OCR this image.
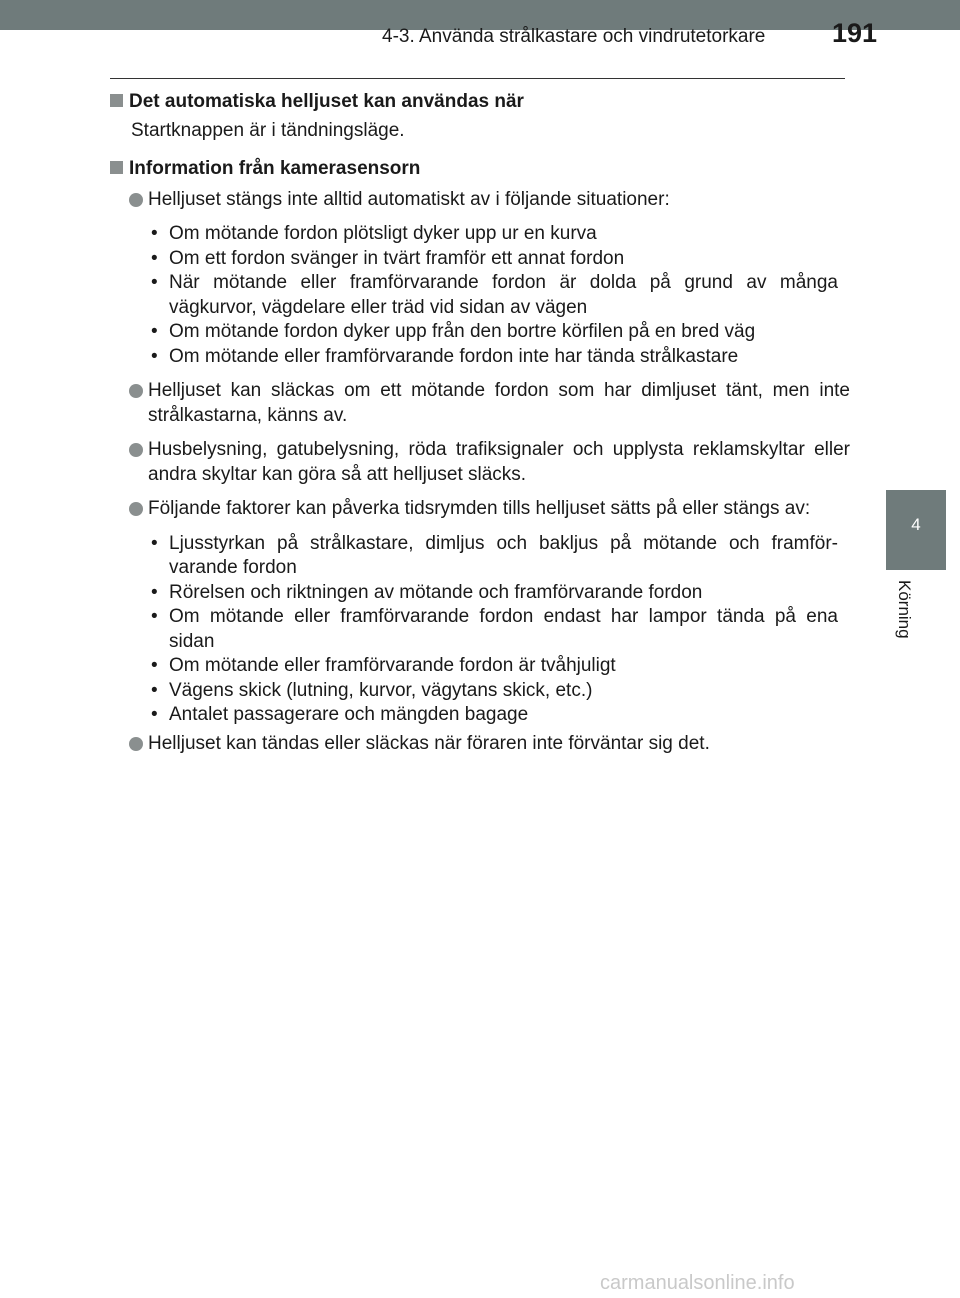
4-3. Använda strålkastare och vindrutetorkare 191
4
Körning

Det automatiska helljuset kan användas när

Startknappen är i tändningsläge.

Information från kamerasensorn

Helljuset stängs inte alltid automatiskt av i följande situationer:
• Om mötande fordon plötsligt dyker upp ur en kurva
• Om ett fordon svänger in tvärt framför ett annat fordon
• När mötande eller framförvarande fordon är dolda på grund av många vägkurvor, vägdelare eller träd vid sidan av vägen
• Om mötande fordon dyker upp från den bortre körfilen på en bred väg
• Om mötande eller framförvarande fordon inte har tända strålkastare
Helljuset kan släckas om ett mötande fordon som har dimljuset tänt, men inte strålkastarna, känns av.
Husbelysning, gatubelysning, röda trafiksignaler och upplysta reklamskyltar eller andra skyltar kan göra så att helljuset släcks.
Följande faktorer kan påverka tidsrymden tills helljuset sätts på eller stängs av:
• Ljusstyrkan på strålkastare, dimljus och bakljus på mötande och framför-varande fordon
• Rörelsen och riktningen av mötande och framförvarande fordon
• Om mötande eller framförvarande fordon endast har lampor tända på ena sidan
• Om mötande eller framförvarande fordon är tvåhjuligt
• Vägens skick (lutning, kurvor, vägytans skick, etc.)
• Antalet passagerare och mängden bagage
Helljuset kan tändas eller släckas när föraren inte förväntar sig det.
carmanualsonline.info
